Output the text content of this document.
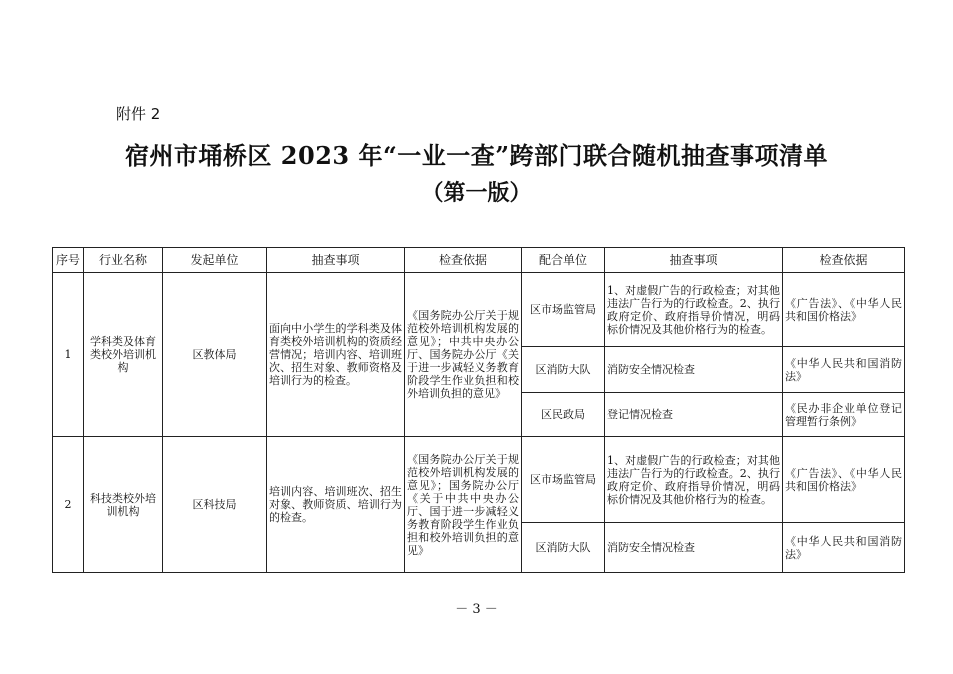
附件 2
宿州市埇桥区 2023 年“一业一查”跨部门联合随机抽查事项清单
（第一版）
序号	行业名称	发起单位	抽查事项	检查依据	配合单位	抽查事项	检查依据
1	学科类及体育类校外培训机构	区教体局	面向中小学生的学科类及体育类校外培训机构的资质经营情况；培训内容、培训班次、招生对象、教师资格及培训行为的检查。	《国务院办公厅关于规范校外培训机构发展的意见》；中共中央办公厅、国务院办公厅《关于进一步减轻义务教育阶段学生作业负担和校外培训负担的意见》	区市场监管局	1、对虚假广告的行政检查；对其他违法广告行为的行政检查。2、执行政府定价、政府指导价情况，明码标价情况及其他价格行为的检查。	《广告法》、《中华人民共和国价格法》
					区消防大队	消防安全情况检查	《中华人民共和国消防法》
					区民政局	登记情况检查	《民办非企业单位登记管理暂行条例》
2	科技类校外培训机构	区科技局	培训内容、培训班次、招生对象、教师资质、培训行为的检查。	《国务院办公厅关于规范校外培训机构发展的意见》；国务院办公厅《关于中共中央办公厅、国于进一步减轻义务教育阶段学生作业负担和校外培训负担的意见》	区市场监管局	1、对虚假广告的行政检查；对其他违法广告行为的行政检查。2、执行政府定价、政府指导价情况，明码标价情况及其他价格行为的检查。	《广告法》、《中华人民共和国价格法》
					区消防大队	消防安全情况检查	《中华人民共和国消防法》
－ 3 －
